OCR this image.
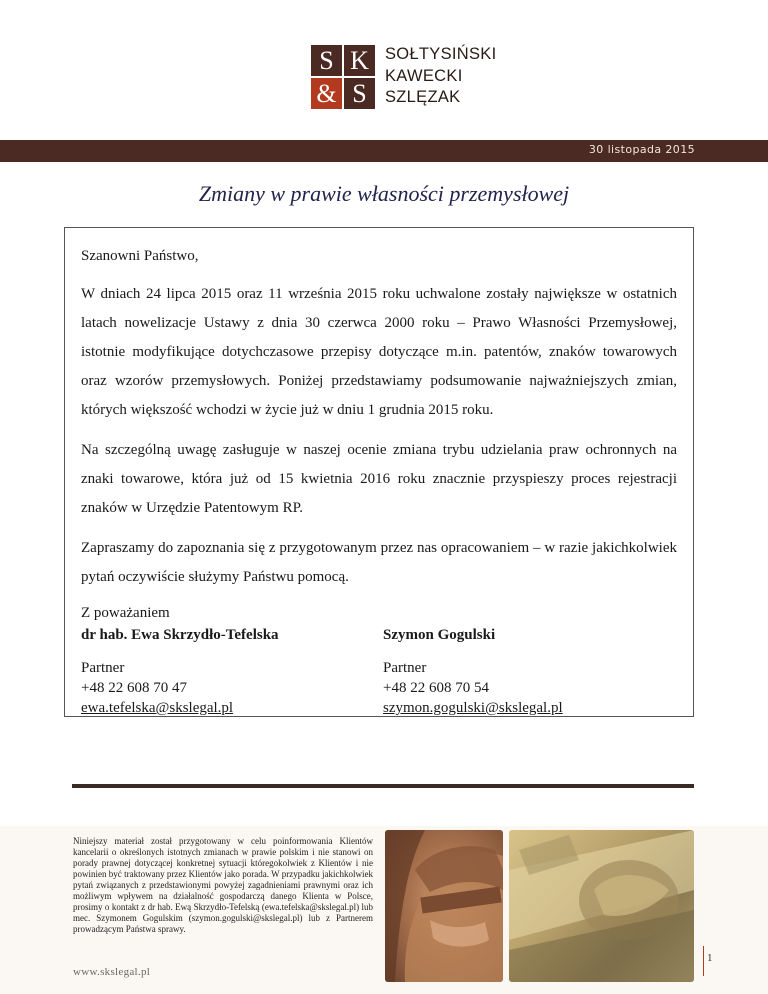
S K
& S
SOŁTYSIŃSKI
KAWECKI
SZLĘZAK
30 listopada 2015
Zmiany w prawie własności przemysłowej

Szanowni Państwo,

W dniach 24 lipca 2015 oraz 11 września 2015 roku uchwalone zostały największe w ostatnich latach nowelizacje Ustawy z dnia 30 czerwca 2000 roku – Prawo Własności Przemysłowej, istotnie modyfikujące dotychczasowe przepisy dotyczące m.in. patentów, znaków towarowych oraz wzorów przemysłowych. Poniżej przedstawiamy podsumowanie najważniejszych zmian, których większość wchodzi w życie już w dniu 1 grudnia 2015 roku.

Na szczególną uwagę zasługuje w naszej ocenie zmiana trybu udzielania praw ochronnych na znaki towarowe, która już od 15 kwietnia 2016 roku znacznie przyspieszy proces rejestracji znaków w Urzędzie Patentowym RP.

Zapraszamy do zapoznania się z przygotowanym przez nas opracowaniem – w razie jakichkolwiek pytań oczywiście służymy Państwu pomocą.

Z poważaniem

dr hab. Ewa Skrzydło-Tefelska
Partner
+48 22 608 70 47
ewa.tefelska@skslegal.pl
Szymon Gogulski
Partner
+48 22 608 70 54
szymon.gogulski@skslegal.pl
Niniejszy materiał został przygotowany w celu poinformowania Klientów kancelarii o określonych istotnych zmianach w prawie polskim i nie stanowi on porady prawnej dotyczącej konkretnej sytuacji któregokolwiek z Klientów i nie powinien być traktowany przez Klientów jako porada. W przypadku jakichkolwiek pytań związanych z przedstawionymi powyżej zagadnieniami prawnymi oraz ich możliwym wpływem na działalność gospodarczą danego Klienta w Polsce, prosimy o kontakt z dr hab. Ewą Skrzydło-Tefelską (ewa.tefelska@skslegal.pl) lub mec. Szymonem Gogulskim (szymon.gogulski@skslegal.pl) lub z Partnerem prowadzącym Państwa sprawy.
www.skslegal.pl
1
